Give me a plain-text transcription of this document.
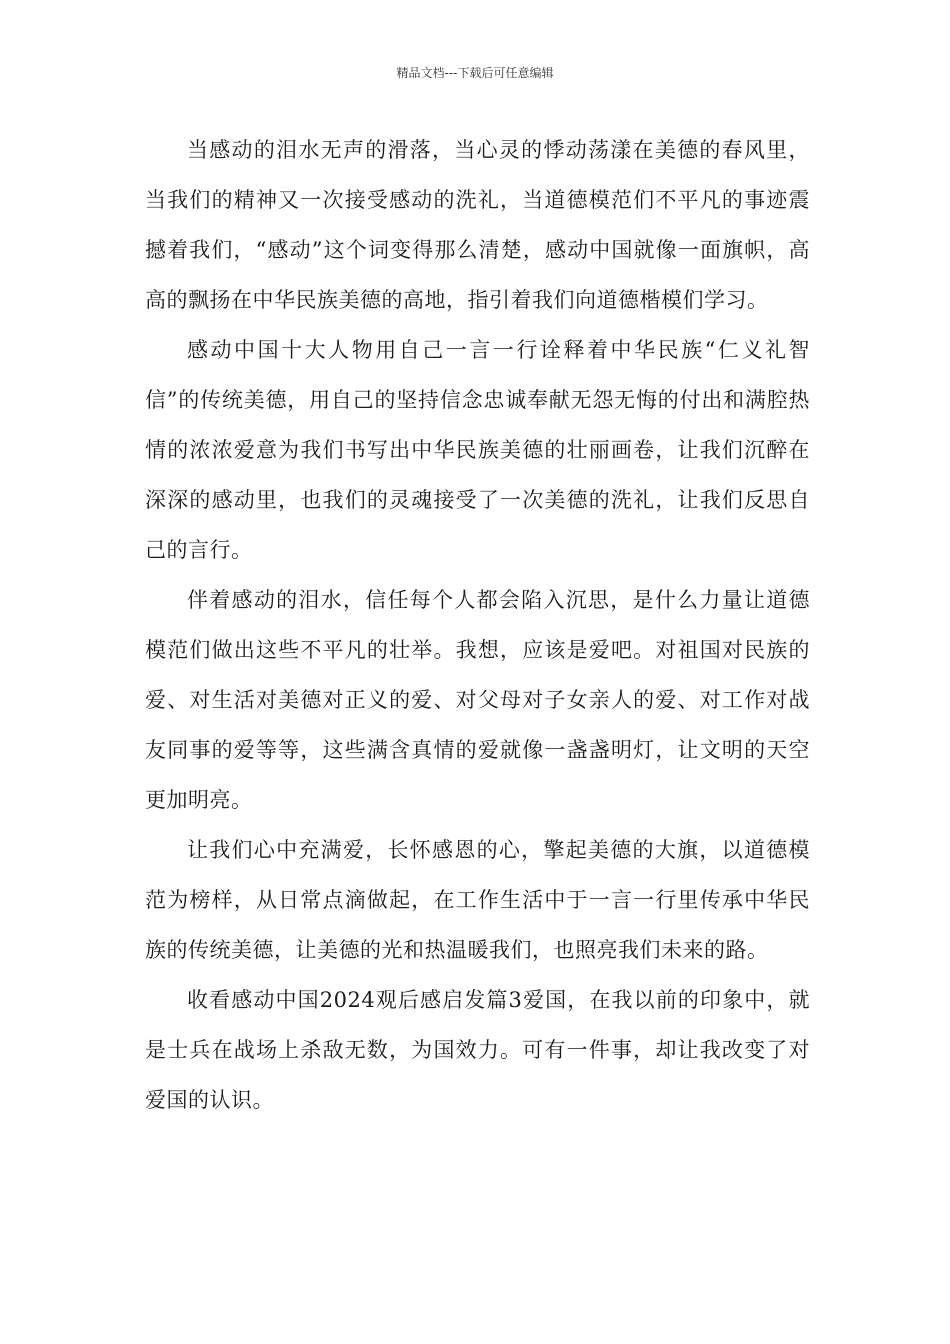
精品文档---下载后可任意编辑

当感动的泪水无声的滑落，当心灵的悸动荡漾在美德的春风里，当我们的精神又一次接受感动的洗礼，当道德模范们不平凡的事迹震撼着我们，“感动”这个词变得那么清楚，感动中国就像一面旗帜，高高的飘扬在中华民族美德的高地，指引着我们向道德楷模们学习。

感动中国十大人物用自己一言一行诠释着中华民族“仁义礼智信”的传统美德，用自己的坚持信念忠诚奉献无怨无悔的付出和满腔热情的浓浓爱意为我们书写出中华民族美德的壮丽画卷，让我们沉醉在深深的感动里，也我们的灵魂接受了一次美德的洗礼，让我们反思自己的言行。

伴着感动的泪水，信任每个人都会陷入沉思，是什么力量让道德模范们做出这些不平凡的壮举。我想，应该是爱吧。对祖国对民族的爱、对生活对美德对正义的爱、对父母对子女亲人的爱、对工作对战友同事的爱等等，这些满含真情的爱就像一盏盏明灯，让文明的天空更加明亮。

让我们心中充满爱，长怀感恩的心，擎起美德的大旗，以道德模范为榜样，从日常点滴做起，在工作生活中于一言一行里传承中华民族的传统美德，让美德的光和热温暖我们，也照亮我们未来的路。

收看感动中国2024观后感启发篇3爱国，在我以前的印象中，就是士兵在战场上杀敌无数，为国效力。可有一件事，却让我改变了对爱国的认识。
